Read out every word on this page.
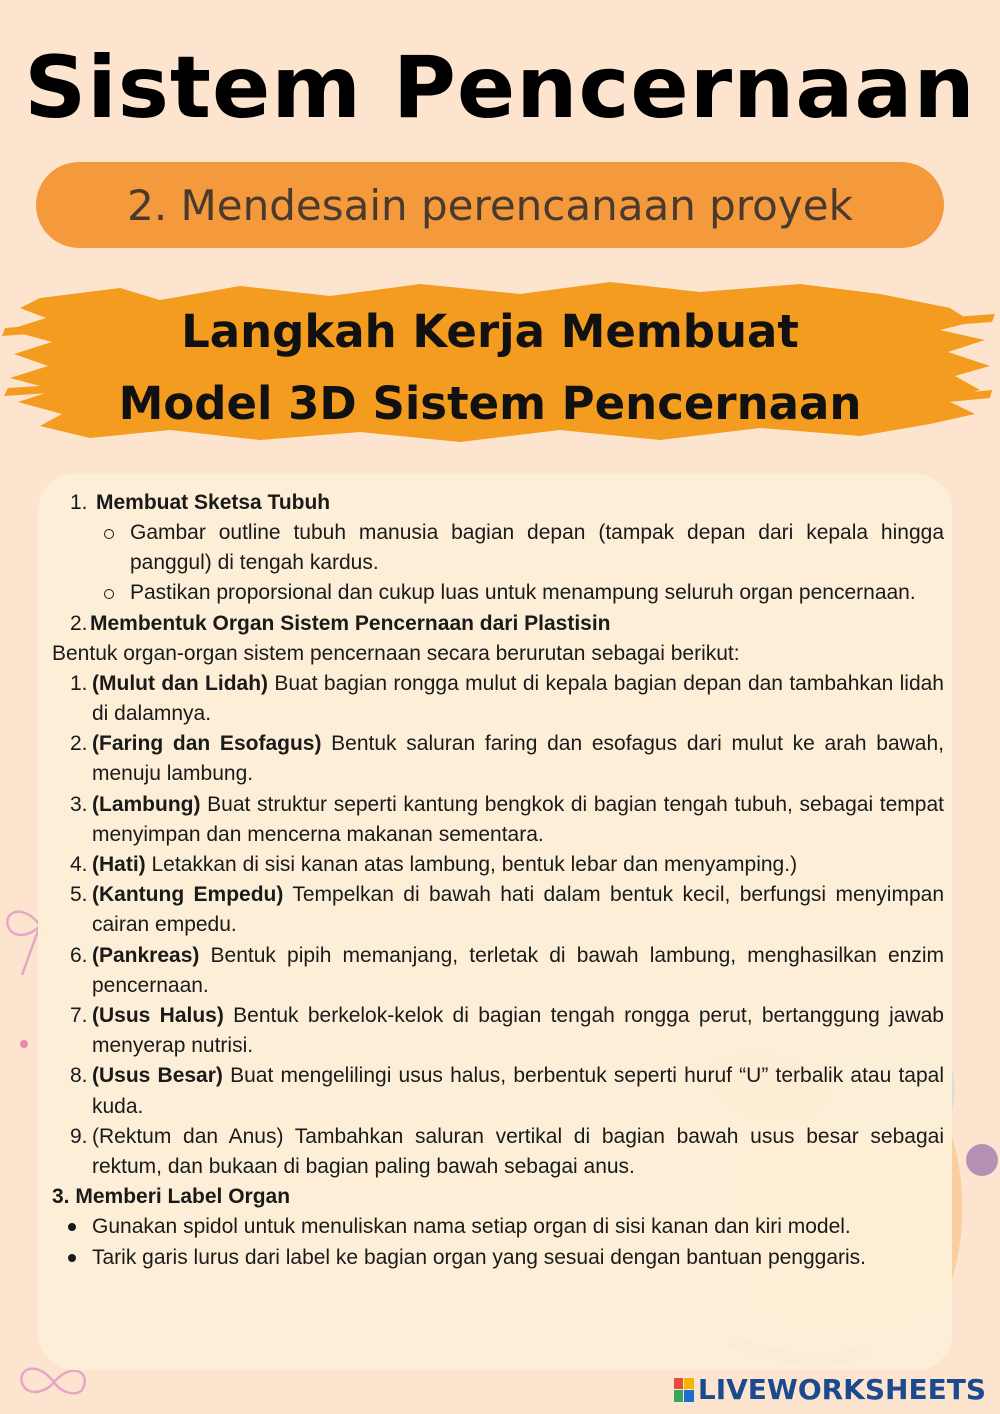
Sistem Pencernaan
2. Mendesain perencanaan proyek
Langkah Kerja Membuat
Model 3D Sistem Pencernaan
1. Membuat Sketsa Tubuh
Gambar outline tubuh manusia bagian depan (tampak depan dari kepala hingga panggul) di tengah kardus.
Pastikan proporsional dan cukup luas untuk menampung seluruh organ pencernaan.
2. Membentuk Organ Sistem Pencernaan dari Plastisin
Bentuk organ-organ sistem pencernaan secara berurutan sebagai berikut:
1. (Mulut dan Lidah) Buat bagian rongga mulut di kepala bagian depan dan tambahkan lidah di dalamnya.
2. (Faring dan Esofagus) Bentuk saluran faring dan esofagus dari mulut ke arah bawah, menuju lambung.
3. (Lambung) Buat struktur seperti kantung bengkok di bagian tengah tubuh, sebagai tempat menyimpan dan mencerna makanan sementara.
4. (Hati) Letakkan di sisi kanan atas lambung, bentuk lebar dan menyamping.)
5. (Kantung Empedu) Tempelkan di bawah hati dalam bentuk kecil, berfungsi menyimpan cairan empedu.
6. (Pankreas) Bentuk pipih memanjang, terletak di bawah lambung, menghasilkan enzim pencernaan.
7. (Usus Halus) Bentuk berkelok-kelok di bagian tengah rongga perut, bertanggung jawab menyerap nutrisi.
8. (Usus Besar) Buat mengelilingi usus halus, berbentuk seperti huruf “U” terbalik atau tapal kuda.
9. (Rektum dan Anus) Tambahkan saluran vertikal di bagian bawah usus besar sebagai rektum, dan bukaan di bagian paling bawah sebagai anus.
3. Memberi Label Organ
Gunakan spidol untuk menuliskan nama setiap organ di sisi kanan dan kiri model.
Tarik garis lurus dari label ke bagian organ yang sesuai dengan bantuan penggaris.
LIVEWORKSHEETS
